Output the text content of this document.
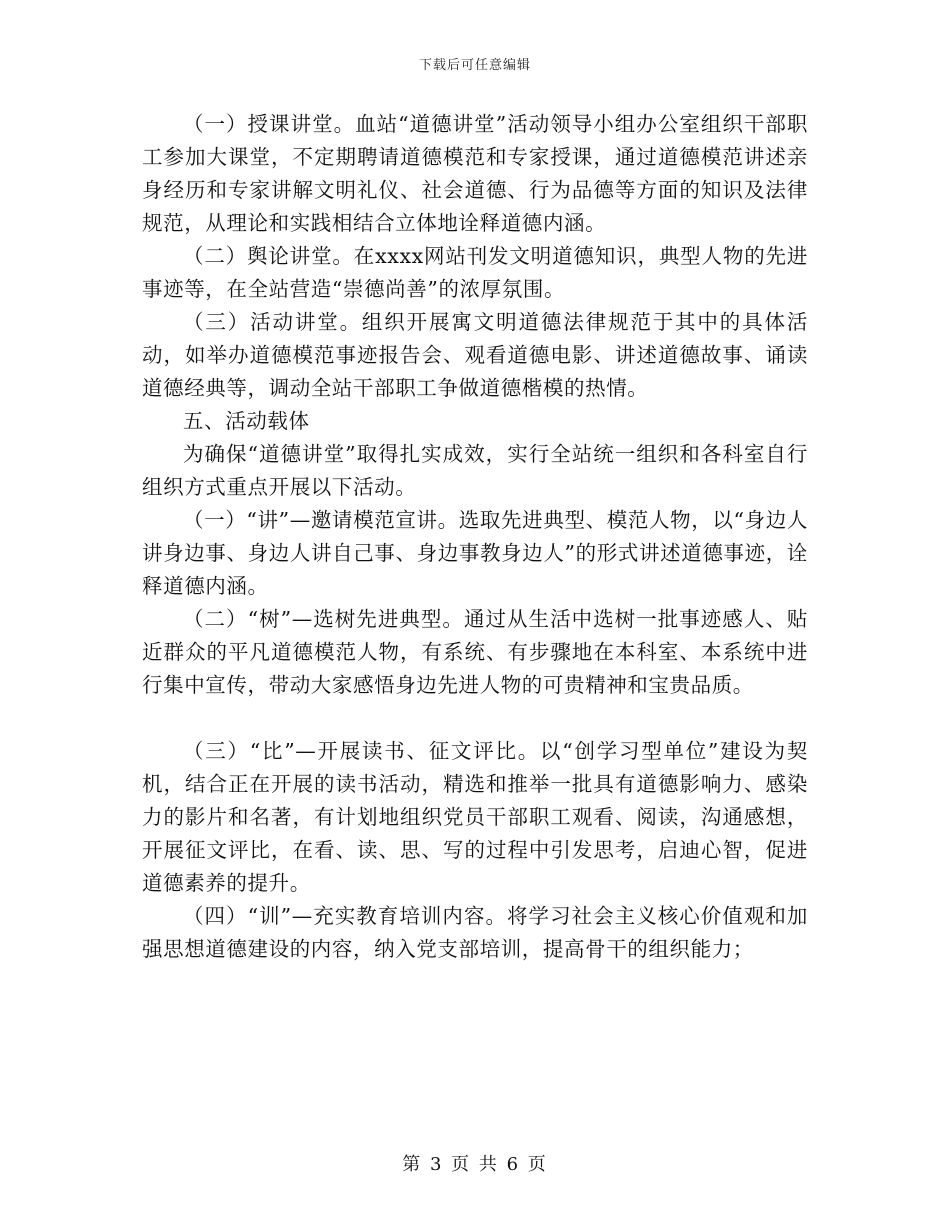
下载后可任意编辑

（一）授课讲堂。血站“道德讲堂”活动领导小组办公室组织干部职工参加大课堂，不定期聘请道德模范和专家授课，通过道德模范讲述亲身经历和专家讲解文明礼仪、社会道德、行为品德等方面的知识及法律规范，从理论和实践相结合立体地诠释道德内涵。

（二）舆论讲堂。在xxxx网站刊发文明道德知识，典型人物的先进事迹等，在全站营造“崇德尚善”的浓厚氛围。

（三）活动讲堂。组织开展寓文明道德法律规范于其中的具体活动，如举办道德模范事迹报告会、观看道德电影、讲述道德故事、诵读道德经典等，调动全站干部职工争做道德楷模的热情。

五、活动载体

为确保“道德讲堂”取得扎实成效，实行全站统一组织和各科室自行组织方式重点开展以下活动。

（一）“讲”—邀请模范宣讲。选取先进典型、模范人物，以“身边人讲身边事、身边人讲自己事、身边事教身边人”的形式讲述道德事迹，诠释道德内涵。

（二）“树”—选树先进典型。通过从生活中选树一批事迹感人、贴近群众的平凡道德模范人物，有系统、有步骤地在本科室、本系统中进行集中宣传，带动大家感悟身边先进人物的可贵精神和宝贵品质。

（三）“比”—开展读书、征文评比。以“创学习型单位”建设为契机，结合正在开展的读书活动，精选和推举一批具有道德影响力、感染力的影片和名著，有计划地组织党员干部职工观看、阅读，沟通感想，开展征文评比，在看、读、思、写的过程中引发思考，启迪心智，促进道德素养的提升。

（四）“训”—充实教育培训内容。将学习社会主义核心价值观和加强思想道德建设的内容，纳入党支部培训，提高骨干的组织能力；

第 3 页 共 6 页
